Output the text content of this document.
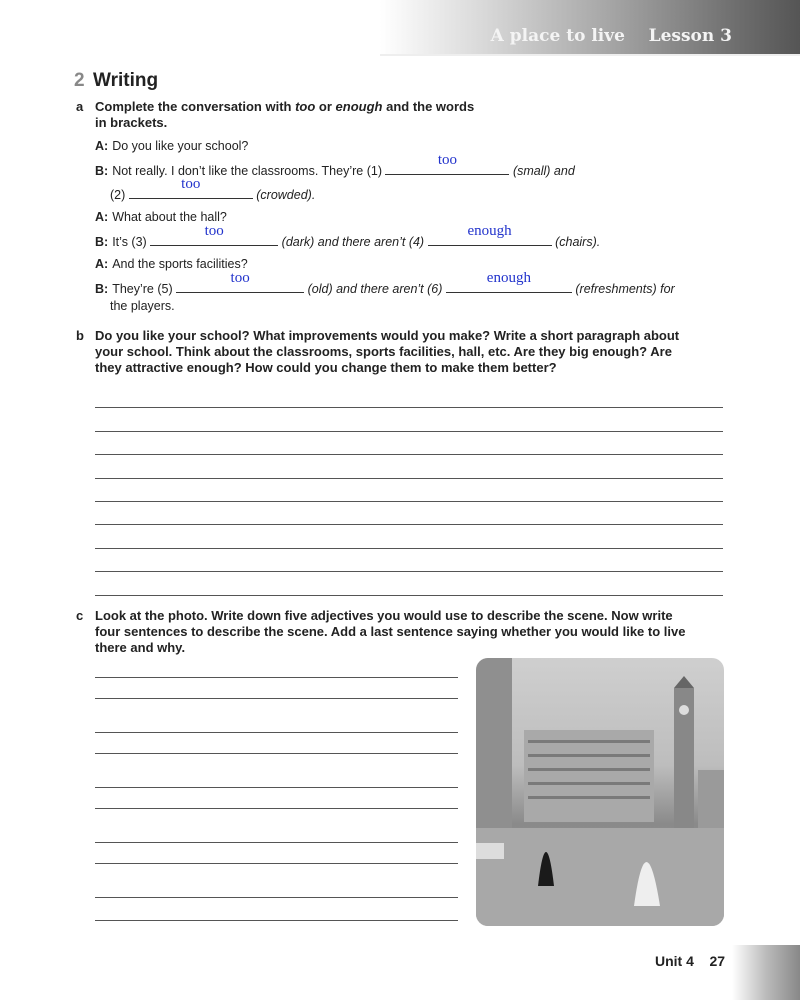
A place to live Lesson 3
2 Writing
a Complete the conversation with too or enough and the words in brackets.
A: Do you like your school?
B: Not really. I don’t like the classrooms. They’re (1)
too
(small) and
(2)
too
(crowded).
A: What about the hall?
B: It’s (3)
too
(dark) and there aren’t (4)
enough
(chairs).
A: And the sports facilities?
B: They’re (5)
too
(old) and there aren’t (6)
enough
(refreshments) for
the players.
b Do you like your school? What improvements would you make? Write a short paragraph about your school. Think about the classrooms, sports facilities, hall, etc. Are they big enough? Are they attractive enough? How could you change them to make them better?
c Look at the photo. Write down five adjectives you would use to describe the scene. Now write four sentences to describe the scene. Add a last sentence saying whether you would like to live there and why.
Unit 4 27
